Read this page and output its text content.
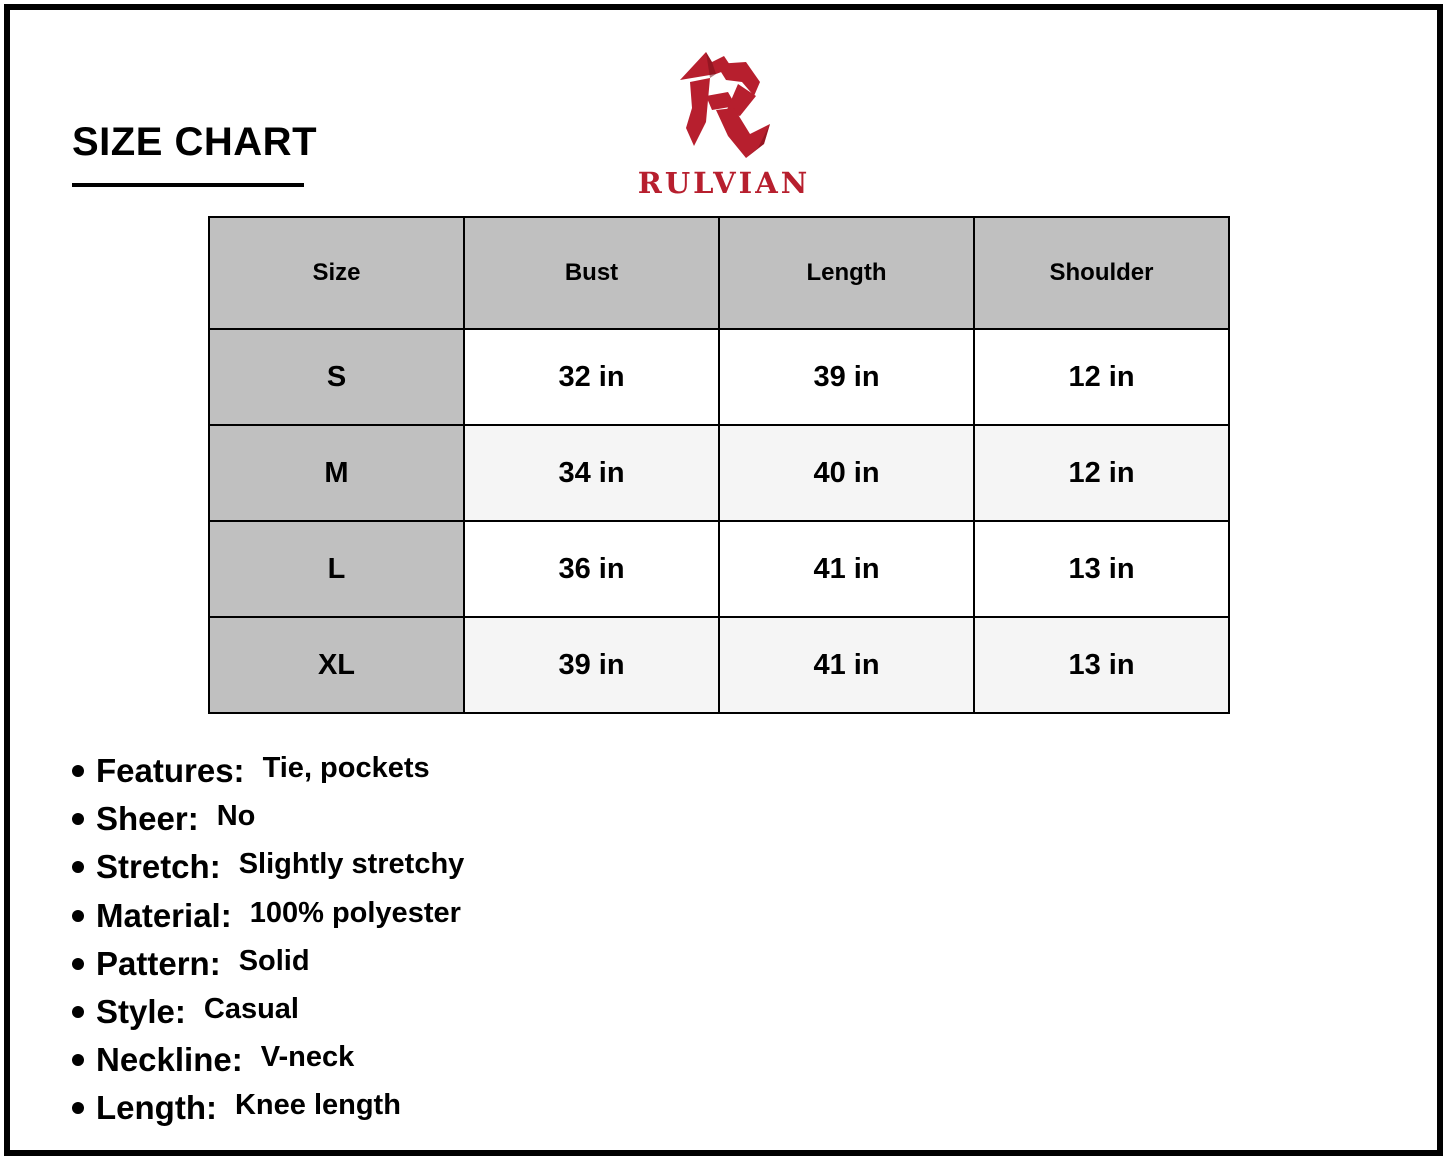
SIZE CHART
RULVIAN
Size	Bust	Length	Shoulder
S	32 in	39 in	12 in
M	34 in	40 in	12 in
L	36 in	41 in	13 in
XL	39 in	41 in	13 in
Features: Tie, pockets
Sheer: No
Stretch: Slightly stretchy
Material: 100% polyester
Pattern: Solid
Style: Casual
Neckline: V-neck
Length: Knee length
